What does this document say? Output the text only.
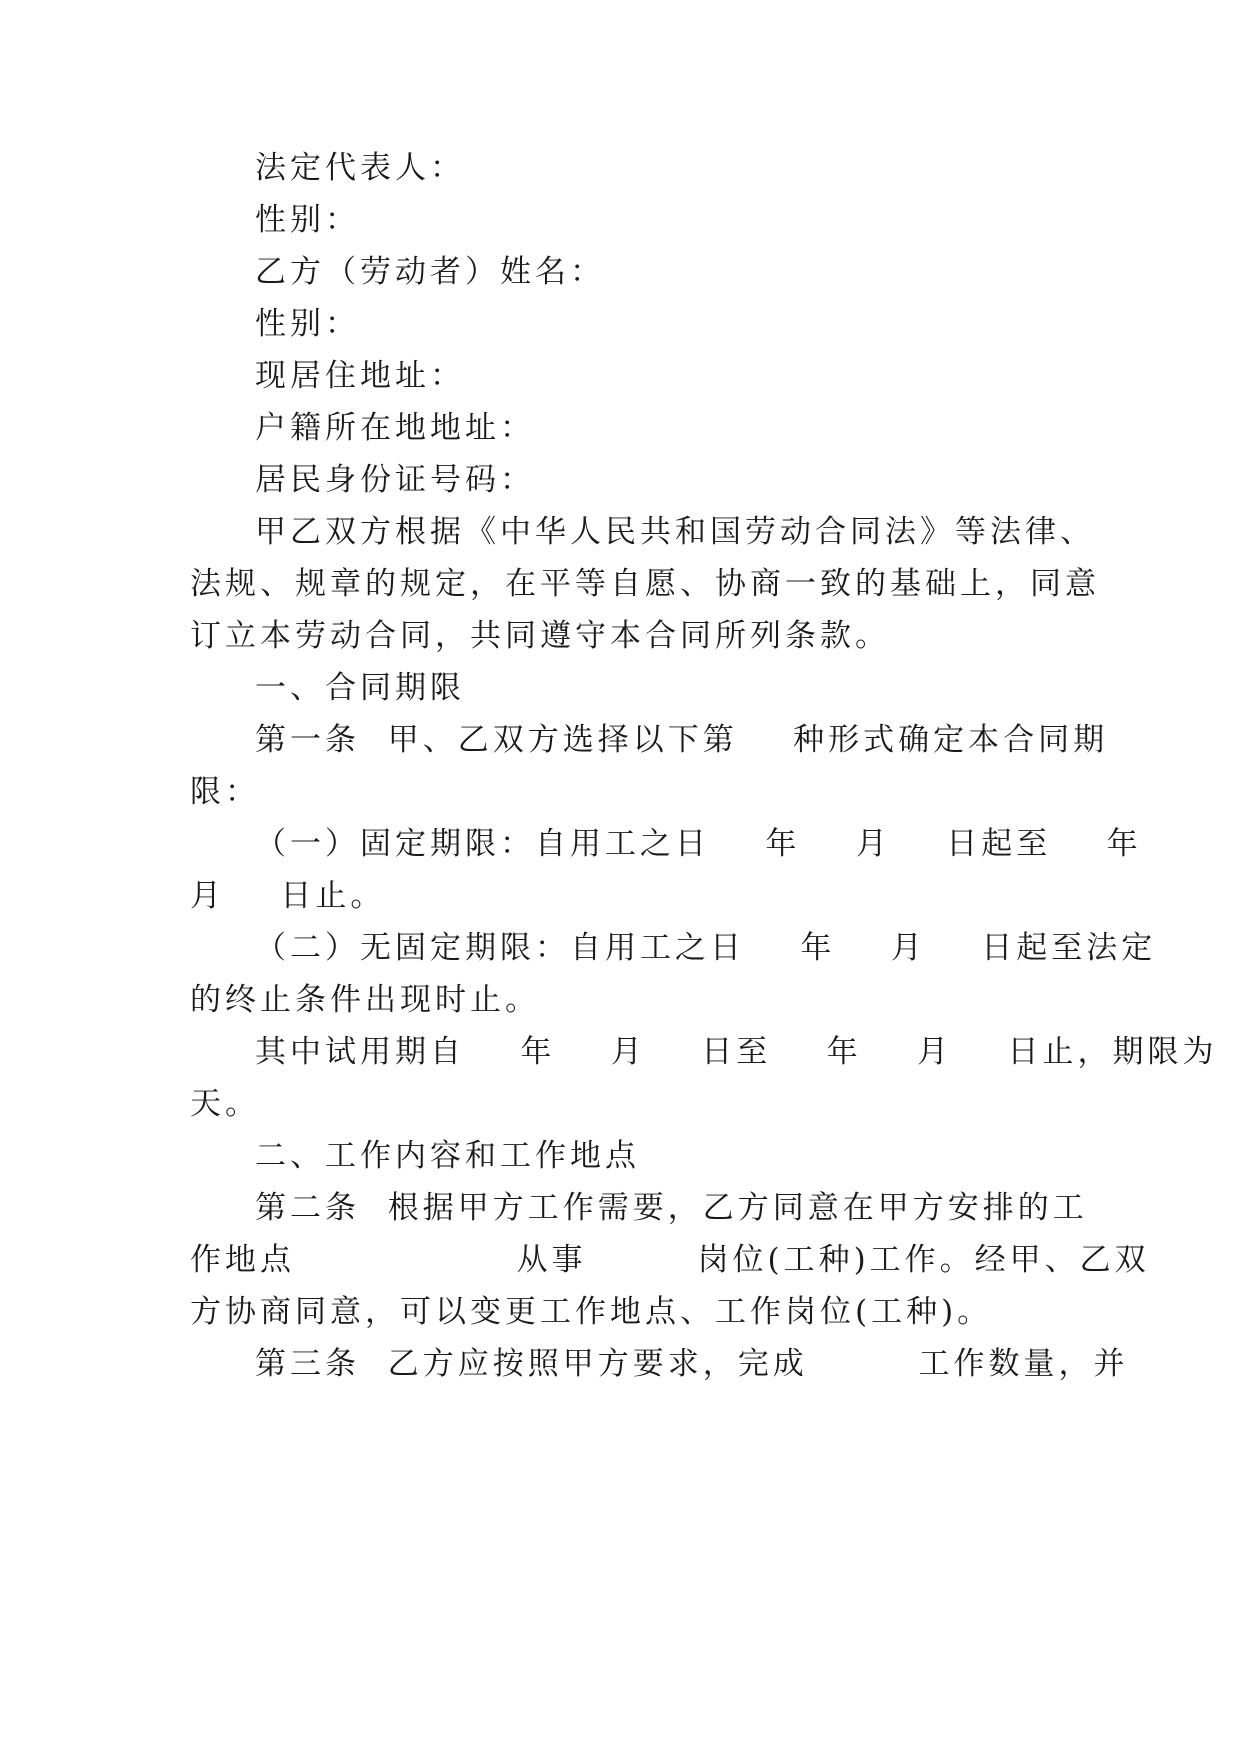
法定代表人：
性别：
乙方（劳动者）姓名：
性别：
现居住地址：
户籍所在地地址：
居民身份证号码：
甲乙双方根据《中华人民共和国劳动合同法》等法律、
法规、规章的规定，在平等自愿、协商一致的基础上，同意
订立本劳动合同，共同遵守本合同所列条款。
一、合同期限
第一条  甲、乙双方选择以下第    种形式确定本合同期
限：
（一）固定期限：自用工之日    年    月    日起至    年
月    日止。
（二）无固定期限：自用工之日    年    月    日起至法定
的终止条件出现时止。
其中试用期自    年    月    日至    年    月    日止，期限为
天。
二、工作内容和工作地点
第二条  根据甲方工作需要，乙方同意在甲方安排的工
作地点                从事        岗位(工种)工作。经甲、乙双
方协商同意，可以变更工作地点、工作岗位(工种)。
第三条  乙方应按照甲方要求，完成        工作数量，并
